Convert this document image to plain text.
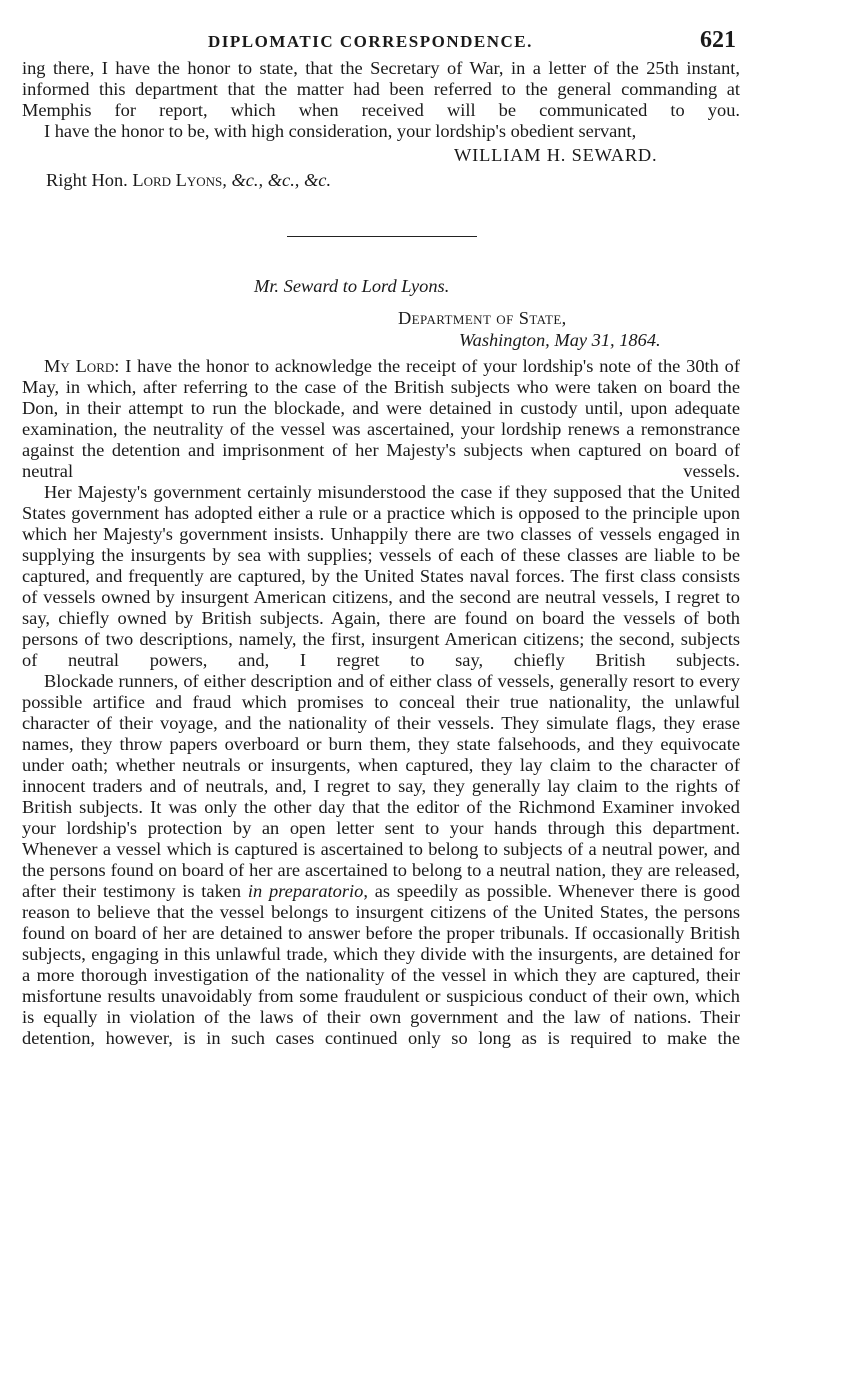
DIPLOMATIC CORRESPONDENCE.	621

ing there, I have the honor to state, that the Secretary of War, in a letter of the 25th instant, informed this department that the matter had been referred to the general commanding at Memphis for report, which when received will be communicated to you.

I have the honor to be, with high consideration, your lordship's obedient servant,

WILLIAM H. SEWARD.

Right Hon. Lord Lyons, &c., &c., &c.

Mr. Seward to Lord Lyons.

Department of State,

Washington, May 31, 1864.

My Lord: I have the honor to acknowledge the receipt of your lordship's note of the 30th of May, in which, after referring to the case of the British subjects who were taken on board the Don, in their attempt to run the blockade, and were detained in custody until, upon adequate examination, the neutrality of the vessel was ascertained, your lordship renews a remonstrance against the detention and imprisonment of her Majesty's subjects when captured on board of neutral vessels.

Her Majesty's government certainly misunderstood the case if they supposed that the United States government has adopted either a rule or a practice which is opposed to the principle upon which her Majesty's government insists. Unhappily there are two classes of vessels engaged in supplying the insurgents by sea with supplies; vessels of each of these classes are liable to be captured, and frequently are captured, by the United States naval forces. The first class consists of vessels owned by insurgent American citizens, and the second are neutral vessels, I regret to say, chiefly owned by British subjects. Again, there are found on board the vessels of both persons of two descriptions, namely, the first, insurgent American citizens; the second, subjects of neutral powers, and, I regret to say, chiefly British subjects.

Blockade runners, of either description and of either class of vessels, generally resort to every possible artifice and fraud which promises to conceal their true nationality, the unlawful character of their voyage, and the nationality of their vessels. They simulate flags, they erase names, they throw papers overboard or burn them, they state falsehoods, and they equivocate under oath; whether neutrals or insurgents, when captured, they lay claim to the character of innocent traders and of neutrals, and, I regret to say, they generally lay claim to the rights of British subjects. It was only the other day that the editor of the Richmond Examiner invoked your lordship's protection by an open letter sent to your hands through this department. Whenever a vessel which is captured is ascertained to belong to subjects of a neutral power, and the persons found on board of her are ascertained to belong to a neutral nation, they are released, after their testimony is taken in preparatorio, as speedily as possible. Whenever there is good reason to believe that the vessel belongs to insurgent citizens of the United States, the persons found on board of her are detained to answer before the proper tribunals. If occasionally British subjects, engaging in this unlawful trade, which they divide with the insurgents, are detained for a more thorough investigation of the nationality of the vessel in which they are captured, their misfortune results unavoidably from some fraudulent or suspicious conduct of their own, which is equally in violation of the laws of their own government and the law of nations. Their detention, however, is in such cases continued only so long as is required to make the
